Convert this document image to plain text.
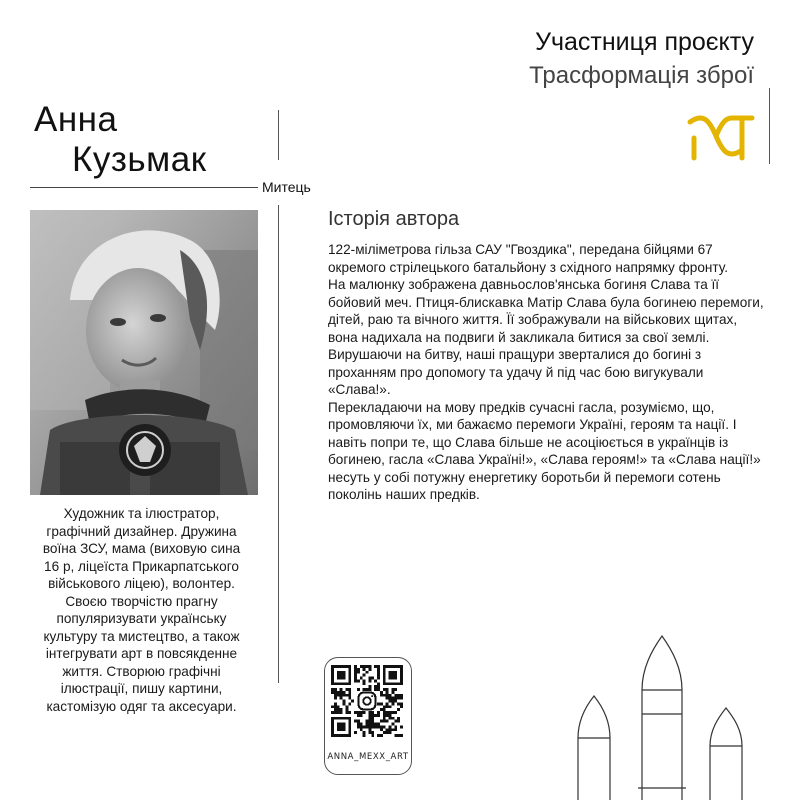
Участниця проєкту
Трасформація зброї
Анна
Кузьмак
Митець
Художник та ілюстратор, графічний дизайнер. Дружина воїна ЗСУ, мама (виховую сина 16 р, ліцеїста Прикарпатського військового ліцею), волонтер. Своєю творчістю прагну популяризувати українську культуру та мистецтво, а також інтегрувати арт в повсякденне життя. Створюю графічні ілюстрації, пишу картини, кастомізую одяг та аксесуари.
Історія автора

122-міліметрова гільза САУ "Гвоздика", передана бійцями 67 окремого стрілецького батальйону з східного напрямку фронту.

На малюнку зображена давньослов'янська богиня Слава та її бойовий меч. Птиця-блискавка Матір Слава була богинею перемоги, дітей, раю та вічного життя. Її зображували на військових щитах, вона надихала на подвиги й закликала битися за свої землі. Вирушаючи на битву, наші пращури зверталися до богині з проханням про допомогу та удачу й під час бою вигукували «Слава!».

Перекладаючи на мову предків сучасні гасла, розуміємо, що, промовляючи їх, ми бажаємо перемоги Україні, героям та нації. І навіть попри те, що Слава більше не асоціюється в українців із богинею, гасла «Слава Україні!», «Слава героям!» та «Слава нації!» несуть у собі потужну енергетику боротьби й перемоги сотень поколінь наших предків.

ANNA_MEXX_ART
